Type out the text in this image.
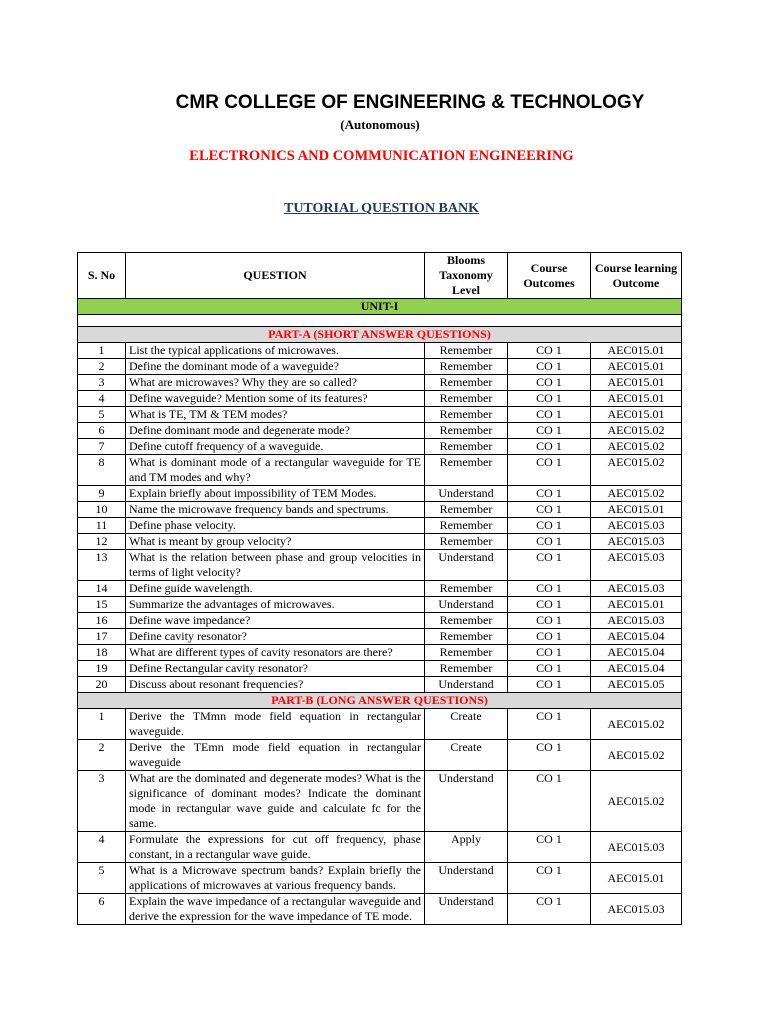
CMR COLLEGE OF ENGINEERING & TECHNOLOGY
(Autonomous)
ELECTRONICS AND COMMUNICATION ENGINEERING
TUTORIAL QUESTION BANK
S. No	QUESTION	Blooms Taxonomy Level	Course Outcomes	Course learning Outcome
UNIT-I				

PART-A (SHORT ANSWER QUESTIONS)				
1	List the typical applications of microwaves.	Remember	CO 1	AEC015.01
2	Define the dominant mode of a waveguide?	Remember	CO 1	AEC015.01
3	What are microwaves? Why they are so called?	Remember	CO 1	AEC015.01
4	Define waveguide? Mention some of its features?	Remember	CO 1	AEC015.01
5	What is TE, TM & TEM modes?	Remember	CO 1	AEC015.01
6	Define dominant mode and degenerate mode?	Remember	CO 1	AEC015.02
7	Define cutoff frequency of a waveguide.	Remember	CO 1	AEC015.02
8	What is dominant mode of a rectangular waveguide for TE and TM modes and why?	Remember	CO 1	AEC015.02
9	Explain briefly about impossibility of TEM Modes.	Understand	CO 1	AEC015.02
10	Name the microwave frequency bands and spectrums.	Remember	CO 1	AEC015.01
11	Define phase velocity.	Remember	CO 1	AEC015.03
12	What is meant by group velocity?	Remember	CO 1	AEC015.03
13	What is the relation between phase and group velocities in terms of light velocity?	Understand	CO 1	AEC015.03
14	Define guide wavelength.	Remember	CO 1	AEC015.03
15	Summarize the advantages of microwaves.	Understand	CO 1	AEC015.01
16	Define wave impedance?	Remember	CO 1	AEC015.03
17	Define cavity resonator?	Remember	CO 1	AEC015.04
18	What are different types of cavity resonators are there?	Remember	CO 1	AEC015.04
19	Define Rectangular cavity resonator?	Remember	CO 1	AEC015.04
20	Discuss about resonant frequencies?	Understand	CO 1	AEC015.05
PART-B (LONG ANSWER QUESTIONS)				
1	Derive the TMmn mode field equation in rectangular waveguide.	Create	CO 1	AEC015.02
2	Derive the TEmn mode field equation in rectangular waveguide	Create	CO 1	AEC015.02
3	What are the dominated and degenerate modes? What is the significance of dominant modes? Indicate the dominant mode in rectangular wave guide and calculate fc for the same.	Understand	CO 1	AEC015.02
4	Formulate the expressions for cut off frequency, phase constant, in a rectangular wave guide.	Apply	CO 1	AEC015.03
5	What is a Microwave spectrum bands? Explain briefly the applications of microwaves at various frequency bands.	Understand	CO 1	AEC015.01
6	Explain the wave impedance of a rectangular waveguide and derive the expression for the wave impedance of TE mode.	Understand	CO 1	AEC015.03
